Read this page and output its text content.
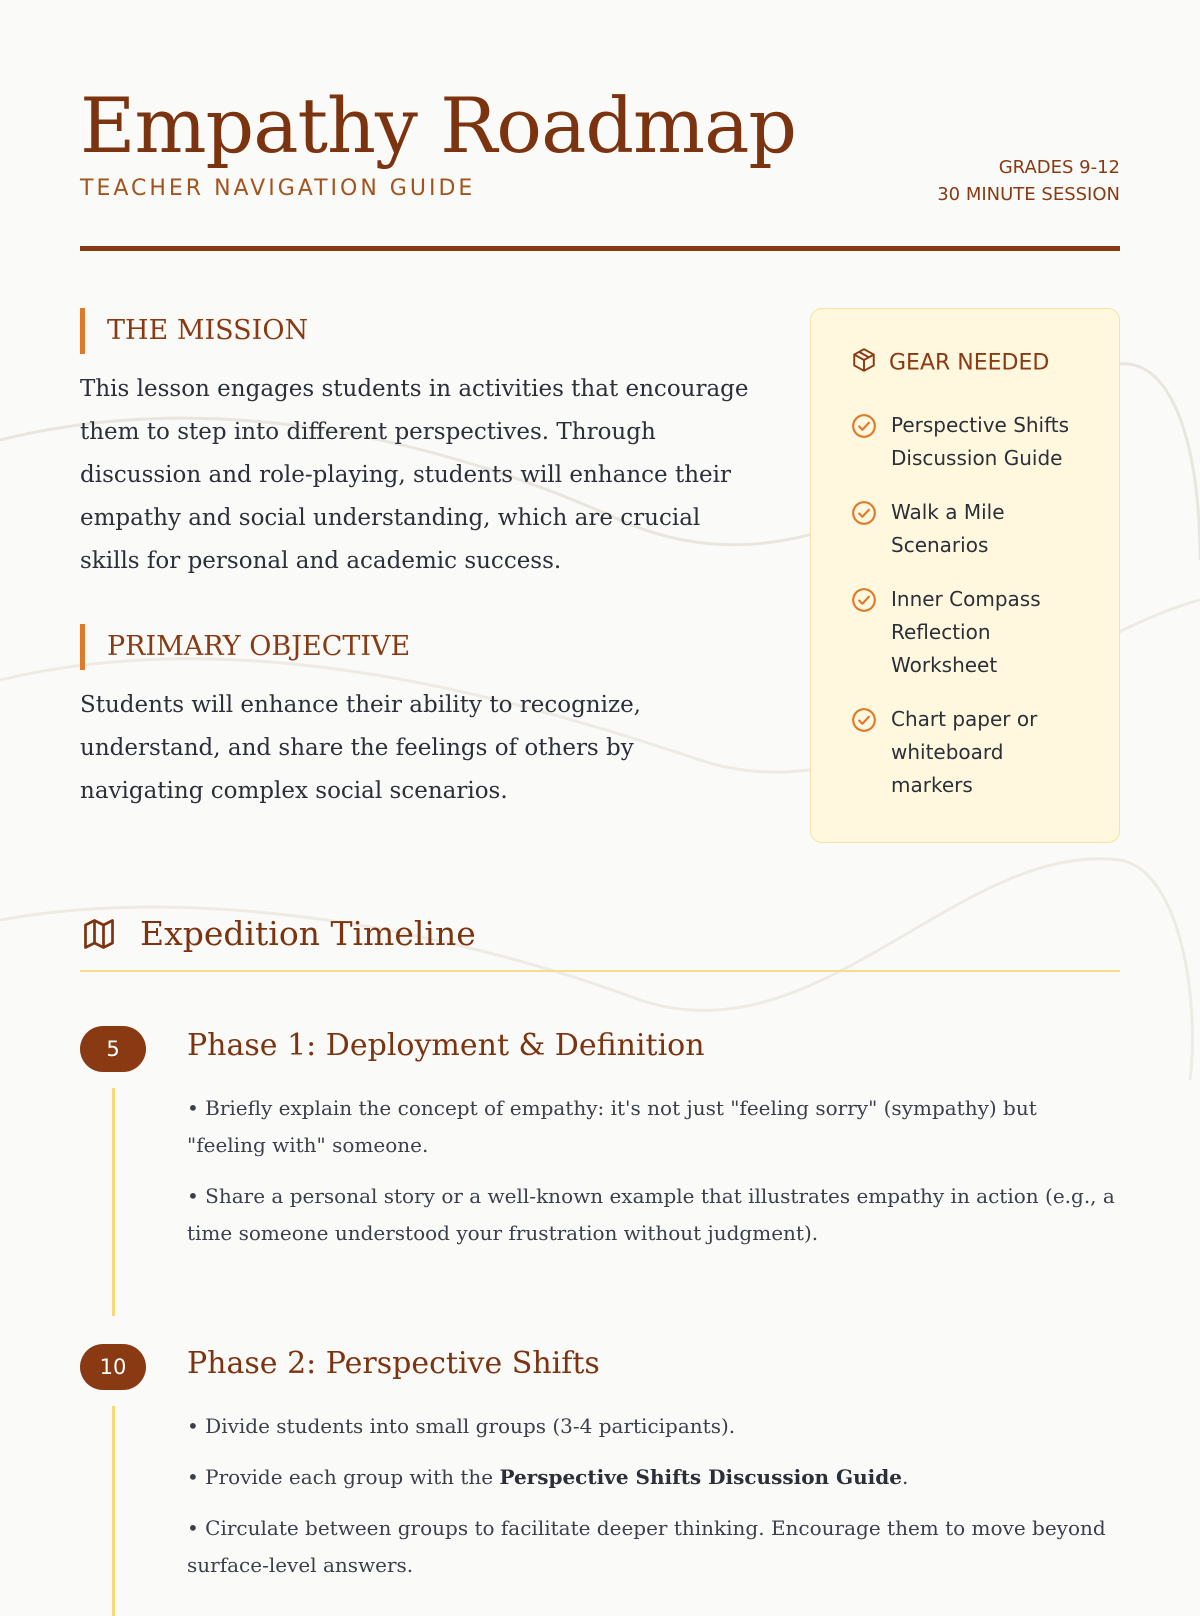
Empathy Roadmap
TEACHER NAVIGATION GUIDE
GRADES 9-12
30 MINUTE SESSION
THE MISSION

This lesson engages students in activities that encourage them to step into different perspectives. Through discussion and role-playing, students will enhance their empathy and social understanding, which are crucial skills for personal and academic success.

PRIMARY OBJECTIVE

Students will enhance their ability to recognize, understand, and share the feelings of others by navigating complex social scenarios.

GEAR NEEDED
Perspective Shifts Discussion Guide
Walk a Mile Scenarios
Inner Compass Reflection Worksheet
Chart paper or whiteboard markers
Expedition Timeline
5	Phase 1: Deployment & Definition
• Briefly explain the concept of empathy: it's not just "feeling sorry" (sympathy) but "feeling with" someone.
• Share a personal story or a well-known example that illustrates empathy in action (e.g., a time someone understood your frustration without judgment).
10	Phase 2: Perspective Shifts
• Divide students into small groups (3-4 participants).
• Provide each group with the Perspective Shifts Discussion Guide.
• Circulate between groups to facilitate deeper thinking. Encourage them to move beyond surface-level answers.
